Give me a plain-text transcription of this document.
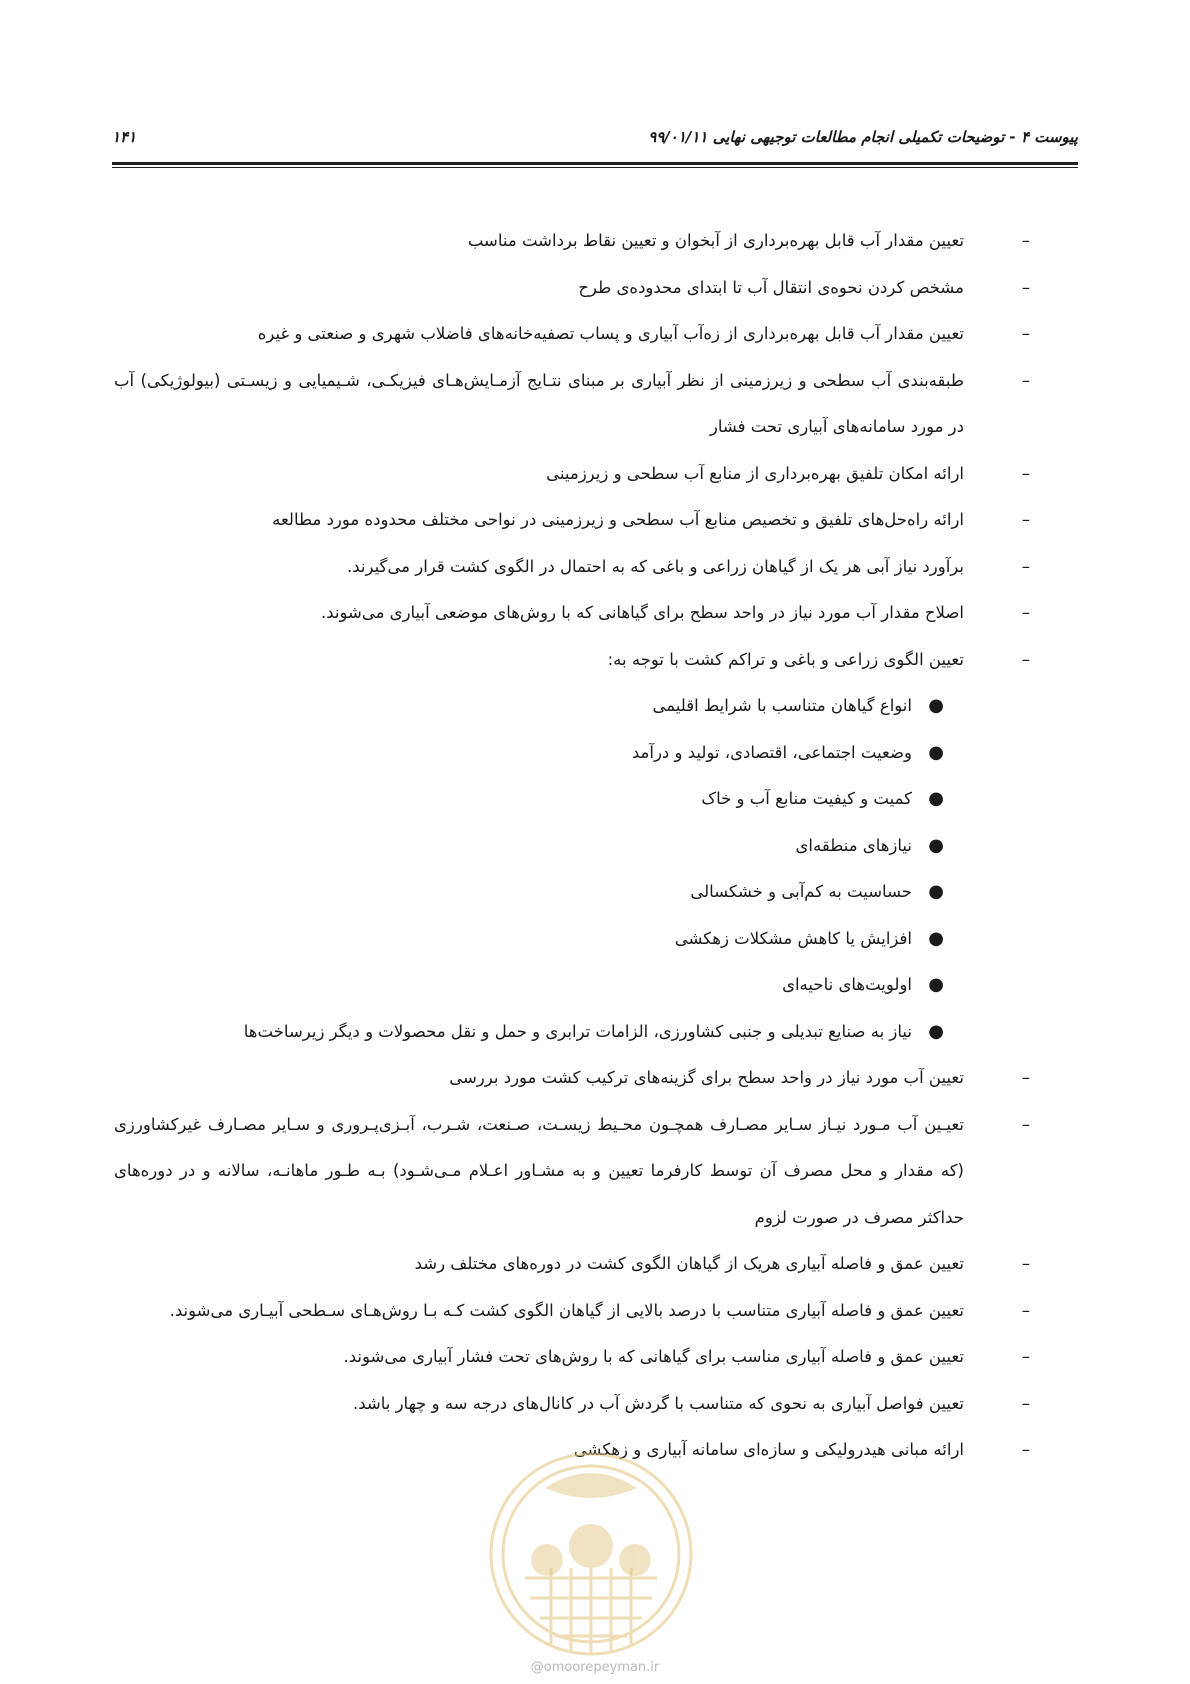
پیوست ۴ - توضیحات تکمیلی انجام مطالعات توجیهی نهایی ۹۹/۰۱/۱۱
۱۴۱
–
تعیین مقدار آب قابل بهره‌برداری از آبخوان و تعیین نقاط برداشت مناسب
–
مشخص کردن نحوه‌ی انتقال آب تا ابتدای محدوده‌ی طرح
–
تعیین مقدار آب قابل بهره‌برداری از زه‌آب آبیاری و پساب تصفیه‌خانه‌های فاضلاب شهری و صنعتی و غیره
–
طبقه‌بندی آب سطحی و زیرزمینی از نظر آبیاری بر مبنای نتـایج آزمـایش‌هـای فیزیکـی، شـیمیایی و زیسـتی (بیولوژیکی) آب در مورد سامانه‌های آبیاری تحت فشار
–
ارائه امکان تلفیق بهره‌برداری از منابع آب سطحی و زیرزمینی
–
ارائه راه‌حل‌های تلفیق و تخصیص منابع آب سطحی و زیرزمینی در نواحی مختلف محدوده مورد مطالعه
–
برآورد نیاز آبی هر یک از گیاهان زراعی و باغی که به احتمال در الگوی کشت قرار می‌گیرند.
–
اصلاح مقدار آب مورد نیاز در واحد سطح برای گیاهانی که با روش‌های موضعی آبیاری می‌شوند.
–
تعیین الگوی زراعی و باغی و تراکم کشت با توجه به:
●
انواع گیاهان متناسب با شرایط اقلیمی
●
وضعیت اجتماعی، اقتصادی، تولید و درآمد
●
کمیت و کیفیت منابع آب و خاک
●
نیازهای منطقه‌ای
●
حساسیت به کم‌آبی و خشکسالی
●
افزایش یا کاهش مشکلات زهکشی
●
اولویت‌های ناحیه‌ای
●
نیاز به صنایع تبدیلی و جنبی کشاورزی، الزامات ترابری و حمل و نقل محصولات و دیگر زیرساخت‌ها
–
تعیین آب مورد نیاز در واحد سطح برای گزینه‌های ترکیب کشت مورد بررسی
–
تعیـین آب مـورد نیـاز سـایر مصـارف همچـون محـیط زیسـت، صـنعت، شـرب، آبـزی‌پـروری و سـایر مصـارف غیرکشاورزی (که مقدار و محل مصرف آن توسط کارفرما تعیین و به مشـاور اعـلام مـی‌شـود) بـه طـور ماهانـه، سالانه و در دوره‌های حداکثر مصرف در صورت لزوم
–
تعیین عمق و فاصله آبیاری هریک از گیاهان الگوی کشت در دوره‌های مختلف رشد
–
تعیین عمق و فاصله آبیاری متناسب با درصد بالایی از گیاهان الگوی کشت کـه بـا روش‌هـای سـطحی آبیـاری می‌شوند.
–
تعیین عمق و فاصله آبیاری مناسب برای گیاهانی که با روش‌های تحت فشار آبیاری می‌شوند.
–
تعیین فواصل آبیاری به نحوی که متناسب با گردش آب در کانال‌های درجه سه و چهار باشد.
–
ارائه مبانی هیدرولیکی و سازه‌ای سامانه آبیاری و زهکشی
@omoorepeyman.ir
